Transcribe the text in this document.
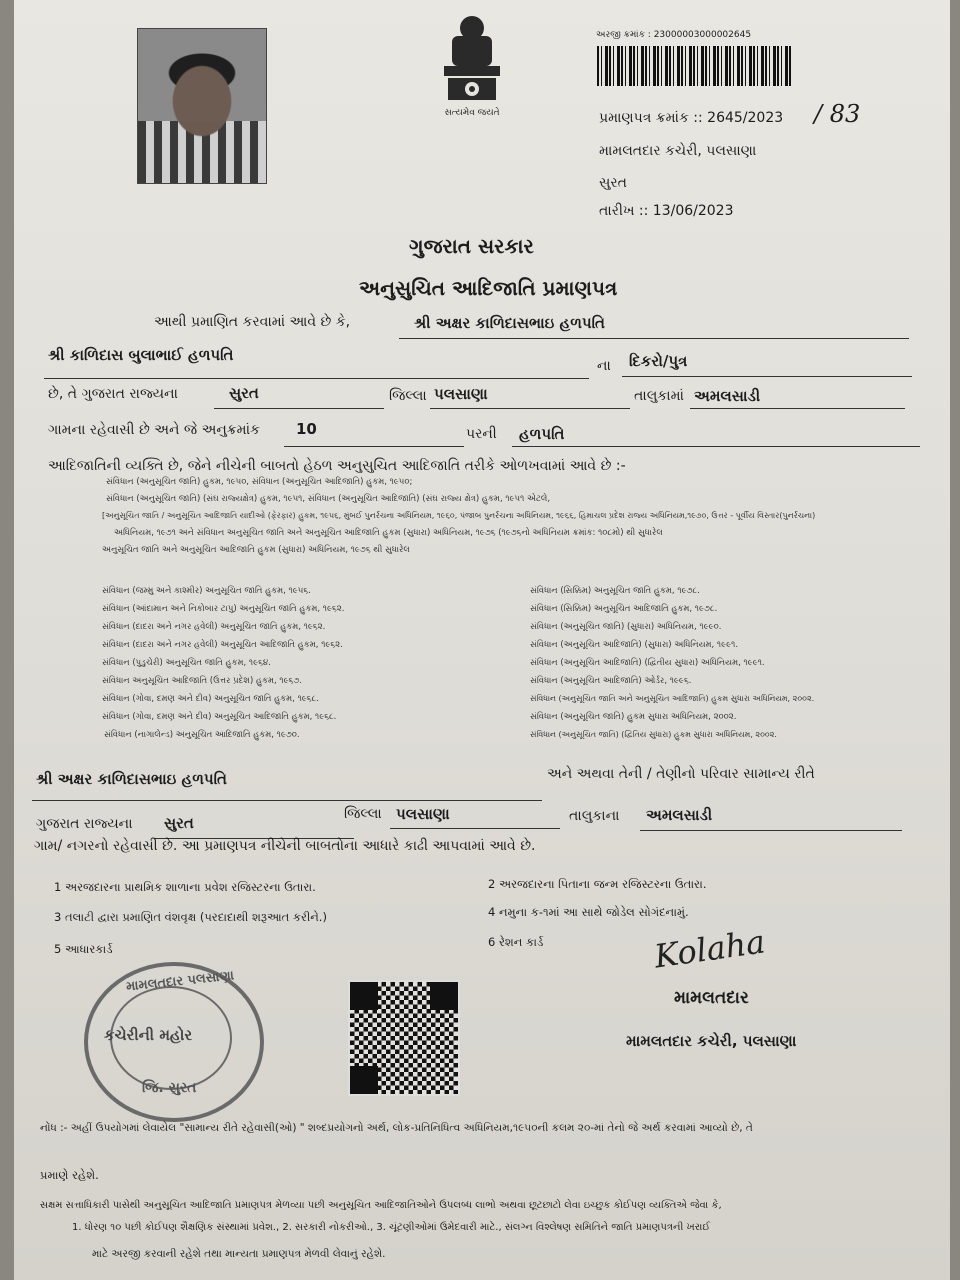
સત્યમેવ જયતે
અરજી ક્રમાંક : 23000003000002645
પ્રમાણપત્ર ક્રમાંક :: 2645/2023 / 83
મામલતદાર કચેરી, પલસાણા
સુરત
તારીખ :: 13/06/2023
ગુજરાત સરકાર
અનુસુચિત આદિજાતિ પ્રમાણપત્ર
આથી પ્રમાણિત કરવામાં આવે છે કે,	શ્રી અક્ષર કાળિદાસભાઇ હળપતિ
શ્રી કાળિદાસ બુલાભાઈ હળપતિ
ના દિકરો/પુત્ર
છે, તે ગુજરાત રાજ્યના	સુરત	જિલ્લા પલસાણા	તાલુકામાં અમલસાડી
ગામના રહેવાસી છે અને જે અનુક્રમાંક 10	પરની હળપતિ
આદિજાતિની વ્યક્તિ છે, જેને નીચેની બાબતો હેઠળ અનુસુચિત આદિજાતિ તરીકે ઓળખવામાં આવે છે :-
સંવિધાન (અનુસૂચિત જાતિ) હુકમ, ૧૯૫૦, સંવિધાન (અનુસૂચિત આદિજાતિ) હુકમ, ૧૯૫૦;
સંવિધાન (અનુસૂચિત જાતિ) (સંઘ રાજ્યક્ષેત્ર) હુકમ, ૧૯૫૧, સંવિધાન (અનુસૂચિત આદિજાતિ) (સંઘ રાજ્ય ક્ષેત્ર) હુકમ, ૧૯૫૧ એટલે,
[અનુસૂચિત જાતિ / અનુસૂચિત આદિજાતિ યાદીઓ (ફેરફાર) હુકમ, ૧૯૫૬, મુંબઈ પુનર્રચના અધિનિયમ, ૧૯૬૦, પંજાબ પુનર્રચના અધિનિયમ, ૧૯૬૬, હિમાચલ પ્રદેશ રાજ્ય અધિનિયમ,૧૯૭૦, ઉત્તર - પૂર્વીય વિસ્તાર(પુનર્રચના)
અધિનિયમ, ૧૯૭૧ અને સંવિધાન અનુસૂચિત જાતિ અને અનુસૂચિત આદિજાતિ હુકમ (સુધારા) અધિનિયમ, ૧૯૭૬ (૧૯૭૬નો અધિનિયમ ક્રમાંક: ૧૦૮મો) થી સુધારેલ
અનુસૂચિત જાતિ અને અનુસૂચિત આદિજાતિ હુકમ (સુધારા) અધિનિયમ, ૧૯૭૬ થી સુધારેલ
સંવિધાન (જમ્મુ અને કાશ્મીર) અનુસૂચિત જાતિ હુકમ, ૧૯૫૬.
સંવિધાન (આંદામાન અને નિકોબાર ટાપુ) અનુસૂચિત જાતિ હુકમ, ૧૯૬૨.
સંવિધાન (દાદરા અને નગર હવેલી) અનુસૂચિત જાતિ હુકમ, ૧૯૬૨.
સંવિધાન (દાદરા અને નગર હવેલી) અનુસૂચિત આદિજાતિ હુકમ, ૧૯૬૨.
સંવિધાન (પુડુચેરી) અનુસૂચિત જાતિ હુકમ, ૧૯૬૪.
સંવિધાન અનુસૂચિત આદિજાતિ (ઉત્તર પ્રદેશ) હુકમ, ૧૯૬૭.
સંવિધાન (ગોવા, દમણ અને દીવ) અનુસૂચિત જાતિ હુકમ, ૧૯૬૮.
સંવિધાન (ગોવા, દમણ અને દીવ) અનુસૂચિત આદિજાતિ હુકમ, ૧૯૬૮.
સંવિધાન (નાગાલેન્ડ) અનુસૂચિત આદિજાતિ હુકમ, ૧૯૭૦.
સંવિધાન (સિક્કિમ) અનુસૂચિત જાતિ હુકમ, ૧૯૭૮.
સંવિધાન (સિક્કિમ) અનુસૂચિત આદિજાતિ હુકમ, ૧૯૭૮.
સંવિધાન (અનુસૂચિત જાતિ) (સુધારા) અધિનિયમ, ૧૯૯૦.
સંવિધાન (અનુસૂચિત આદિજાતિ) (સુધારા) અધિનિયમ, ૧૯૯૧.
સંવિધાન (અનુસૂચિત આદિજાતિ) (દ્વિતીય સુધારા) અધિનિયમ, ૧૯૯૧.
સંવિધાન (અનુસૂચિત આદિજાતિ) ઓર્ડર, ૧૯૯૬.
સંવિધાન (અનુસૂચિત જાતિ અને અનુસૂચિત આદિજાતિ) હુકમ સુધારા અધિનિયમ, ૨૦૦૨.
સંવિધાન (અનુસૂચિત જાતિ) હુકમ સુધારા અધિનિયમ, ૨૦૦૨.
સંવિધાન (અનુસૂચિત જાતિ) (દ્વિતિય સુધારા) હુકમ સુધારા અધિનિયમ, ૨૦૦૨.
શ્રી અક્ષર કાળિદાસભાઇ હળપતિ	અને અથવા તેની / તેણીનો પરિવાર સામાન્ય રીતે
ગુજરાત રાજ્યના સુરત	જિલ્લા પલસાણા	તાલુકાના અમલસાડી
ગામ/ નગરનો રહેવાસી છે. આ પ્રમાણપત્ર નીચેની બાબતોના આધારે કાઢી આપવામાં આવે છે.
1 અરજદારના પ્રાથમિક શાળાના પ્રવેશ રજિસ્ટરના ઉતારા.	2 અરજદારના પિતાના જન્મ રજિસ્ટરના ઉતારા.
3 તલાટી દ્વારા પ્રમાણિત વંશવૃક્ષ (પરદાદાથી શરૂઆત કરીને.)	4 નમુના ક-૧માં આ સાથે જોડેલ સોગંદનામું.
5 આધારકાર્ડ	6 રેશન કાર્ડ
મામલતદાર પલસાણા
કચેરીની મહોર
જિ. સુરત
Kolaha
મામલતદાર
મામલતદાર કચેરી, પલસાણા
નોંધ :- અહીં ઉપયોગમાં લેવાયેલ "સામાન્ય રીતે રહેવાસી(ઓ) " શબ્દપ્રયોગનો અર્થ, લોક-પ્રતિનિધિત્વ અધિનિયમ,૧૯૫૦ની કલમ ૨૦-માં તેનો જે અર્થ કરવામાં આવ્યો છે, તે
પ્રમાણે રહેશે.
સક્ષમ સત્તાધિકારી પાસેથી અનુસૂચિત આદિજાતિ પ્રમાણપત્ર મેળવ્યા પછી અનુસૂચિત આદિજાતિઓને ઉપલબ્ધ લાભો અથવા છૂટછાટો લેવા ઇચ્છુક કોઈપણ વ્યક્તિએ જેવા કે,
1. ધોરણ ૧૦ પછી કોઈપણ શૈક્ષણિક સંસ્થામાં પ્રવેશ., 2. સરકારી નોકરીઓ., 3. ચૂંટણીઓમાં ઉમેદવારી માટે., સંલગ્ન વિશ્લેષણ સમિતિને જાતિ પ્રમાણપત્રની ખરાઈ
માટે અરજી કરવાની રહેશે તથા માન્યતા પ્રમાણપત્ર મેળવી લેવાનું રહેશે.
